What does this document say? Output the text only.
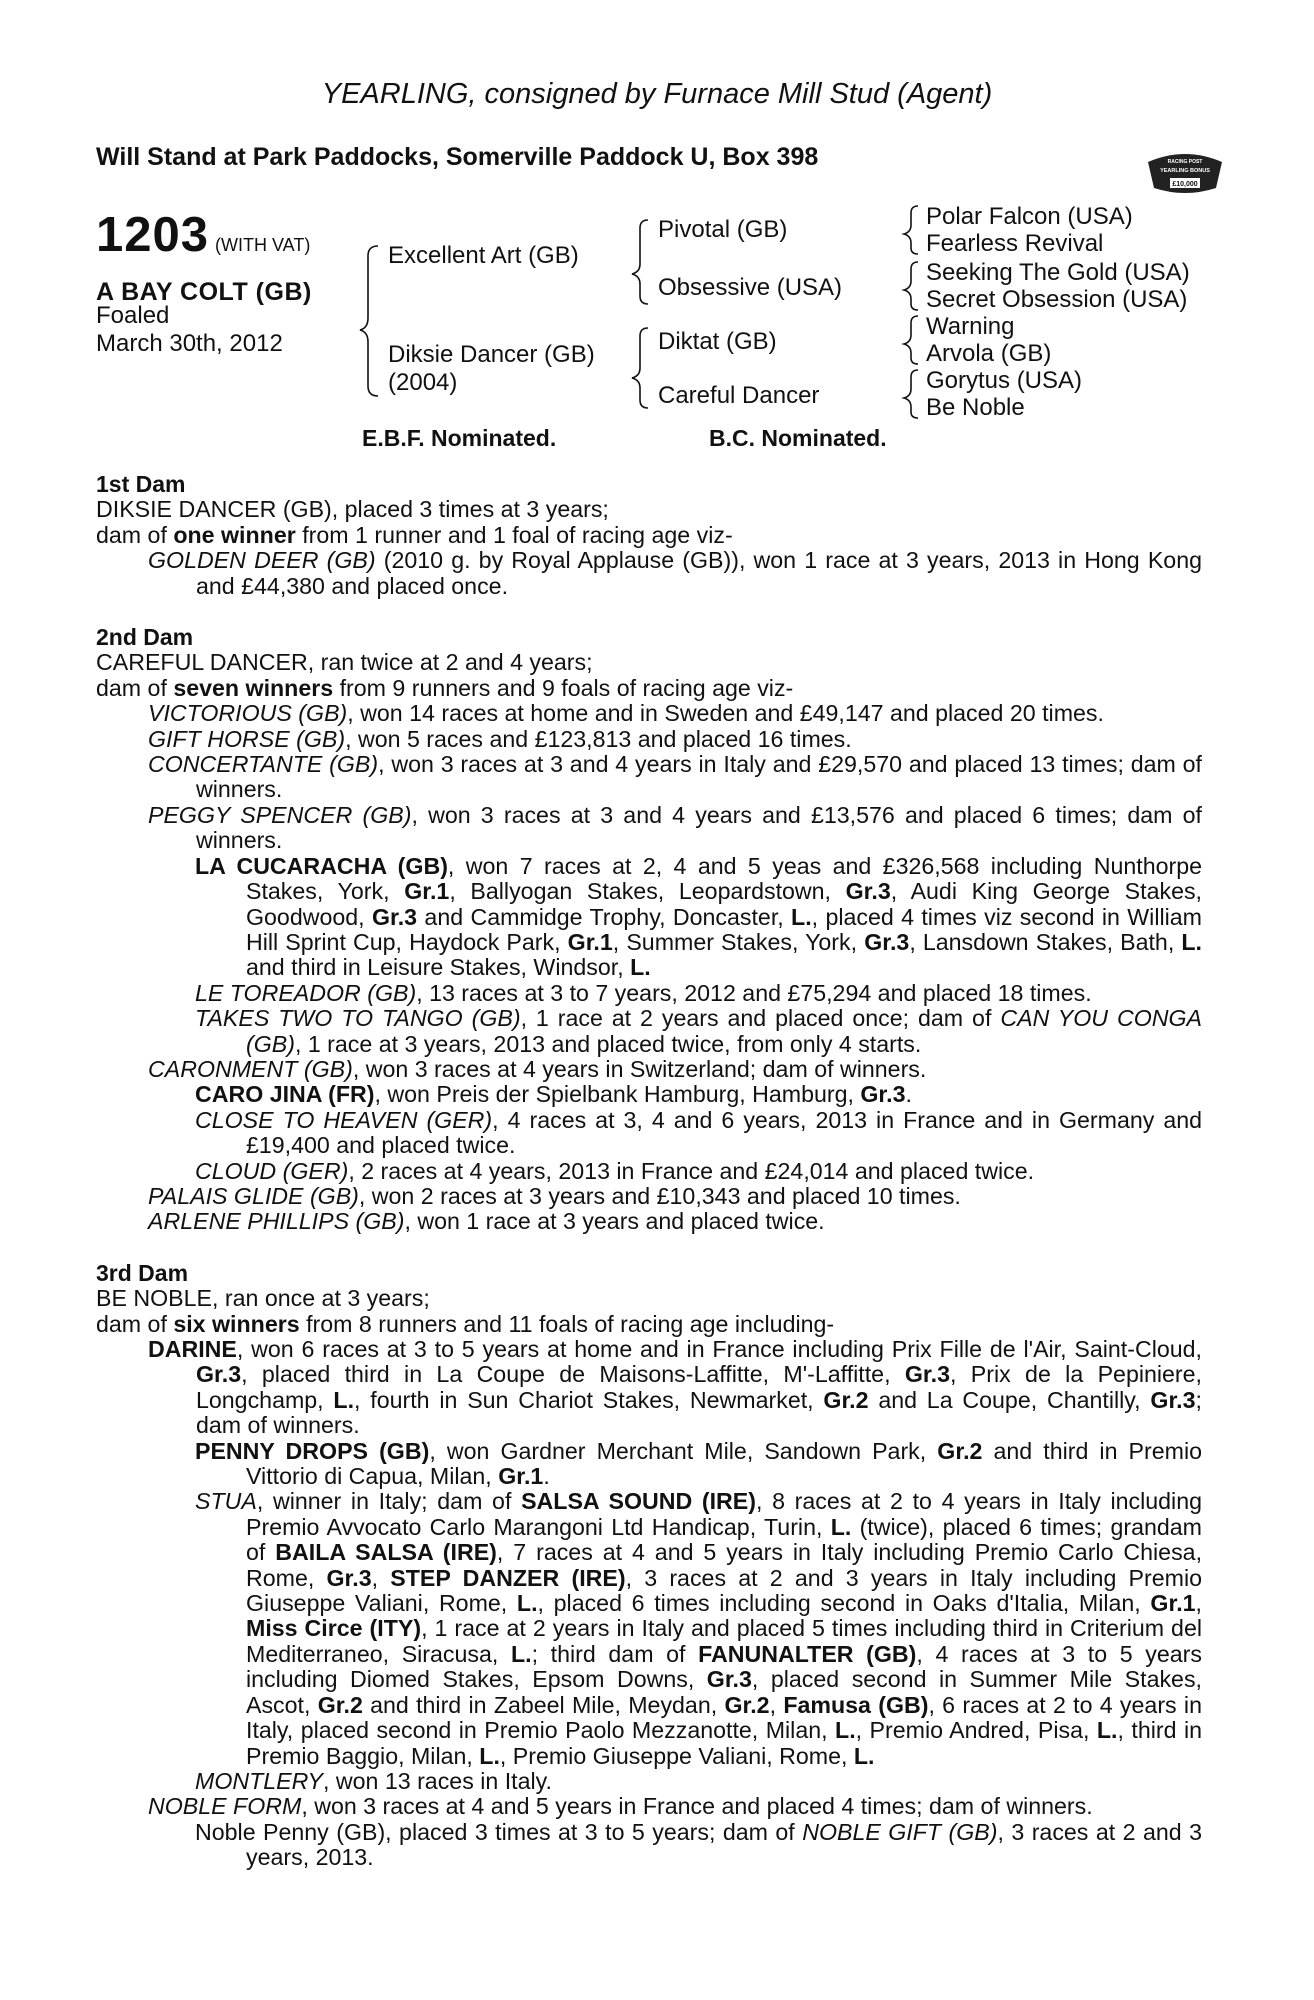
YEARLING, consigned by Furnace Mill Stud (Agent)
Will Stand at Park Paddocks, Somerville Paddock U, Box 398	RACING POST
YEARLING BONUS
£10,000
1203 (WITH VAT)
A BAY COLT (GB)
Foaled
March 30th, 2012
Excellent Art (GB)
Diksie Dancer (GB)
(2004)
Pivotal (GB)
Obsessive (USA)
Diktat (GB)
Careful Dancer
Polar Falcon (USA)
Fearless Revival
Seeking The Gold (USA)
Secret Obsession (USA)
Warning
Arvola (GB)
Gorytus (USA)
Be Noble
E.B.F. Nominated.	B.C. Nominated.

1st Dam

DIKSIE DANCER (GB), placed 3 times at 3 years;

dam of one winner from 1 runner and 1 foal of racing age viz-

GOLDEN DEER (GB) (2010 g. by Royal Applause (GB)), won 1 race at 3 years, 2013 in Hong Kong and £44,380 and placed once.

2nd Dam

CAREFUL DANCER, ran twice at 2 and 4 years;

dam of seven winners from 9 runners and 9 foals of racing age viz-

VICTORIOUS (GB), won 14 races at home and in Sweden and £49,147 and placed 20 times.

GIFT HORSE (GB), won 5 races and £123,813 and placed 16 times.

CONCERTANTE (GB), won 3 races at 3 and 4 years in Italy and £29,570 and placed 13 times; dam of winners.

PEGGY SPENCER (GB), won 3 races at 3 and 4 years and £13,576 and placed 6 times; dam of winners.

LA CUCARACHA (GB), won 7 races at 2, 4 and 5 yeas and £326,568 including Nunthorpe Stakes, York, Gr.1, Ballyogan Stakes, Leopardstown, Gr.3, Audi King George Stakes, Goodwood, Gr.3 and Cammidge Trophy, Doncaster, L., placed 4 times viz second in William Hill Sprint Cup, Haydock Park, Gr.1, Summer Stakes, York, Gr.3, Lansdown Stakes, Bath, L. and third in Leisure Stakes, Windsor, L.

LE TOREADOR (GB), 13 races at 3 to 7 years, 2012 and £75,294 and placed 18 times.

TAKES TWO TO TANGO (GB), 1 race at 2 years and placed once; dam of CAN YOU CONGA (GB), 1 race at 3 years, 2013 and placed twice, from only 4 starts.

CARONMENT (GB), won 3 races at 4 years in Switzerland; dam of winners.

CARO JINA (FR), won Preis der Spielbank Hamburg, Hamburg, Gr.3.

CLOSE TO HEAVEN (GER), 4 races at 3, 4 and 6 years, 2013 in France and in Germany and £19,400 and placed twice.

CLOUD (GER), 2 races at 4 years, 2013 in France and £24,014 and placed twice.

PALAIS GLIDE (GB), won 2 races at 3 years and £10,343 and placed 10 times.

ARLENE PHILLIPS (GB), won 1 race at 3 years and placed twice.

3rd Dam

BE NOBLE, ran once at 3 years;

dam of six winners from 8 runners and 11 foals of racing age including-

DARINE, won 6 races at 3 to 5 years at home and in France including Prix Fille de l'Air, Saint-Cloud, Gr.3, placed third in La Coupe de Maisons-Laffitte, M'-Laffitte, Gr.3, Prix de la Pepiniere, Longchamp, L., fourth in Sun Chariot Stakes, Newmarket, Gr.2 and La Coupe, Chantilly, Gr.3; dam of winners.

PENNY DROPS (GB), won Gardner Merchant Mile, Sandown Park, Gr.2 and third in Premio Vittorio di Capua, Milan, Gr.1.

STUA, winner in Italy; dam of SALSA SOUND (IRE), 8 races at 2 to 4 years in Italy including Premio Avvocato Carlo Marangoni Ltd Handicap, Turin, L. (twice), placed 6 times; grandam of BAILA SALSA (IRE), 7 races at 4 and 5 years in Italy including Premio Carlo Chiesa, Rome, Gr.3, STEP DANZER (IRE), 3 races at 2 and 3 years in Italy including Premio Giuseppe Valiani, Rome, L., placed 6 times including second in Oaks d'Italia, Milan, Gr.1, Miss Circe (ITY), 1 race at 2 years in Italy and placed 5 times including third in Criterium del Mediterraneo, Siracusa, L.; third dam of FANUNALTER (GB), 4 races at 3 to 5 years including Diomed Stakes, Epsom Downs, Gr.3, placed second in Summer Mile Stakes, Ascot, Gr.2 and third in Zabeel Mile, Meydan, Gr.2, Famusa (GB), 6 races at 2 to 4 years in Italy, placed second in Premio Paolo Mezzanotte, Milan, L., Premio Andred, Pisa, L., third in Premio Baggio, Milan, L., Premio Giuseppe Valiani, Rome, L.

MONTLERY, won 13 races in Italy.

NOBLE FORM, won 3 races at 4 and 5 years in France and placed 4 times; dam of winners.

Noble Penny (GB), placed 3 times at 3 to 5 years; dam of NOBLE GIFT (GB), 3 races at 2 and 3 years, 2013.
